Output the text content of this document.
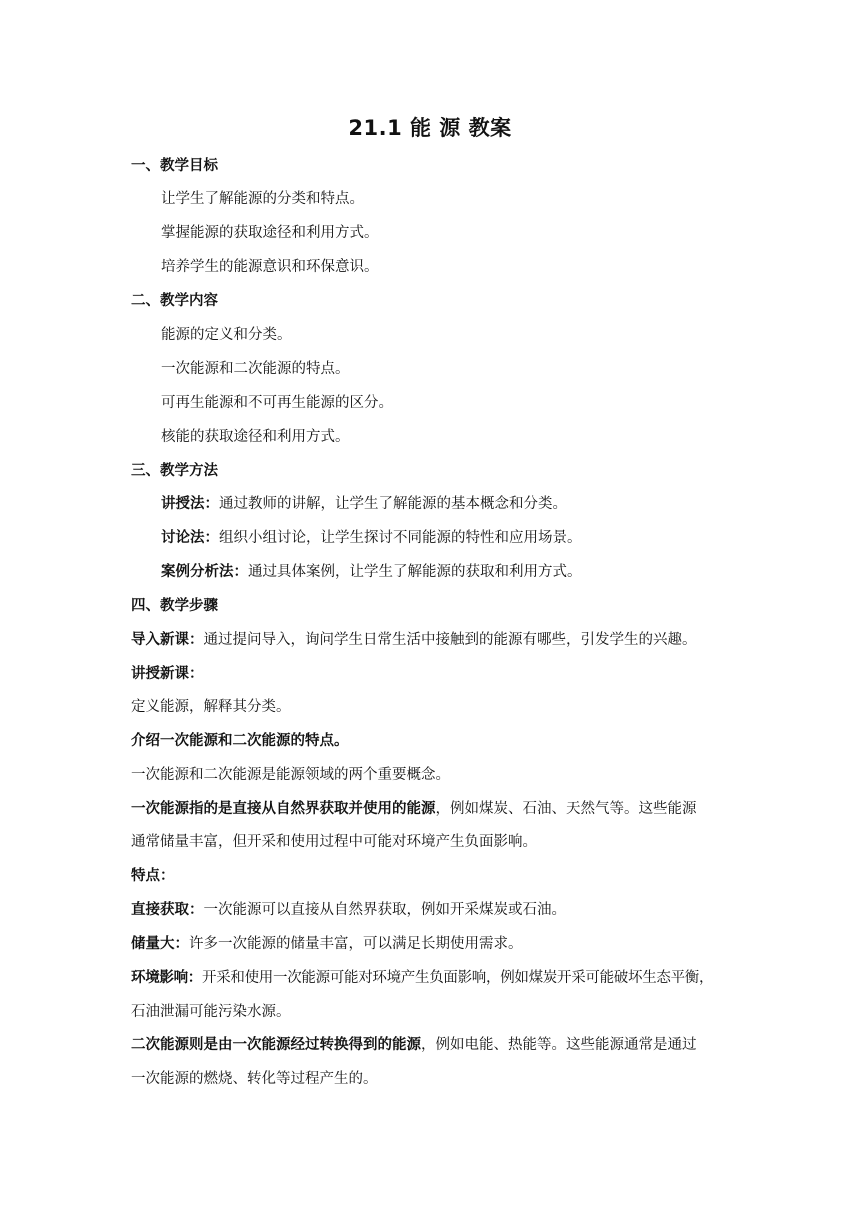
21.1 能 源 教案
一、教学目标
让学生了解能源的分类和特点。
掌握能源的获取途径和利用方式。
培养学生的能源意识和环保意识。
二、教学内容
能源的定义和分类。
一次能源和二次能源的特点。
可再生能源和不可再生能源的区分。
核能的获取途径和利用方式。
三、教学方法
讲授法：通过教师的讲解，让学生了解能源的基本概念和分类。
讨论法：组织小组讨论，让学生探讨不同能源的特性和应用场景。
案例分析法：通过具体案例，让学生了解能源的获取和利用方式。
四、教学步骤
导入新课：通过提问导入，询问学生日常生活中接触到的能源有哪些，引发学生的兴趣。
讲授新课：
定义能源，解释其分类。
介绍一次能源和二次能源的特点。
一次能源和二次能源是能源领域的两个重要概念。
一次能源指的是直接从自然界获取并使用的能源，例如煤炭、石油、天然气等。这些能源
通常储量丰富，但开采和使用过程中可能对环境产生负面影响。
特点：
直接获取：一次能源可以直接从自然界获取，例如开采煤炭或石油。
储量大：许多一次能源的储量丰富，可以满足长期使用需求。
环境影响：开采和使用一次能源可能对环境产生负面影响，例如煤炭开采可能破坏生态平衡，
石油泄漏可能污染水源。
二次能源则是由一次能源经过转换得到的能源，例如电能、热能等。这些能源通常是通过
一次能源的燃烧、转化等过程产生的。
